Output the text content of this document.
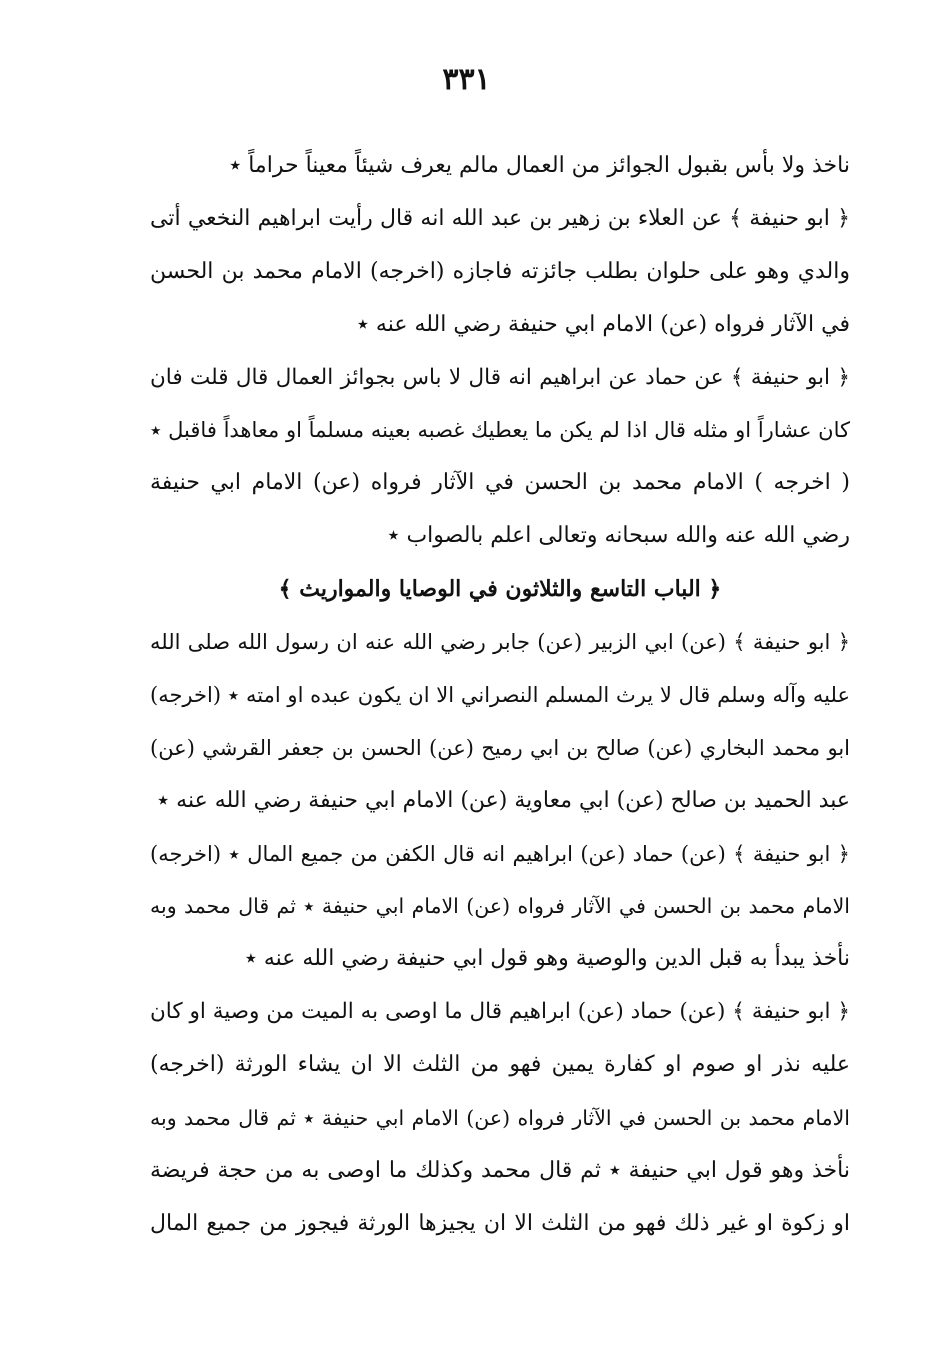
٣٣١
ناخذ ولا بأس بقبول الجوائز من العمال مالم يعرف شيئاً معيناً حراماً ٭
﴿ ابو حنيفة ﴾ عن العلاء بن زهير بن عبد الله انه قال رأيت ابراهيم النخعي أتى
والدي وهو على حلوان بطلب جائزته فاجازه (اخرجه) الامام محمد بن الحسن
في الآثار فرواه (عن) الامام ابي حنيفة رضي الله عنه ٭
﴿ ابو حنيفة ﴾ عن حماد عن ابراهيم انه قال لا باس بجوائز العمال قال قلت فان
كان عشاراً او مثله قال اذا لم يكن ما يعطيك غصبه بعينه مسلماً او معاهداً فاقبل ٭
( اخرجه ) الامام محمد بن الحسن في الآثار فرواه (عن) الامام ابي حنيفة
رضي الله عنه والله سبحانه وتعالى اعلم بالصواب ٭
﴿ الباب التاسع والثلاثون في الوصايا والمواريث ﴾
﴿ ابو حنيفة ﴾ (عن) ابي الزبير (عن) جابر رضي الله عنه ان رسول الله صلى الله
عليه وآله وسلم قال لا يرث المسلم النصراني الا ان يكون عبده او امته ٭ (اخرجه)
ابو محمد البخاري (عن) صالح بن ابي رميح (عن) الحسن بن جعفر القرشي (عن)
عبد الحميد بن صالح (عن) ابي معاوية (عن) الامام ابي حنيفة رضي الله عنه ٭
﴿ ابو حنيفة ﴾ (عن) حماد (عن) ابراهيم انه قال الكفن من جميع المال ٭ (اخرجه)
الامام محمد بن الحسن في الآثار فرواه (عن) الامام ابي حنيفة ٭ ثم قال محمد وبه
نأخذ يبدأ به قبل الدين والوصية وهو قول ابي حنيفة رضي الله عنه ٭
﴿ ابو حنيفة ﴾ (عن) حماد (عن) ابراهيم قال ما اوصى به الميت من وصية او كان
عليه نذر او صوم او كفارة يمين فهو من الثلث الا ان يشاء الورثة (اخرجه)
الامام محمد بن الحسن في الآثار فرواه (عن) الامام ابي حنيفة ٭ ثم قال محمد وبه
نأخذ وهو قول ابي حنيفة ٭ ثم قال محمد وكذلك ما اوصى به من حجة فريضة
او زكوة او غير ذلك فهو من الثلث الا ان يجيزها الورثة فيجوز من جميع المال
